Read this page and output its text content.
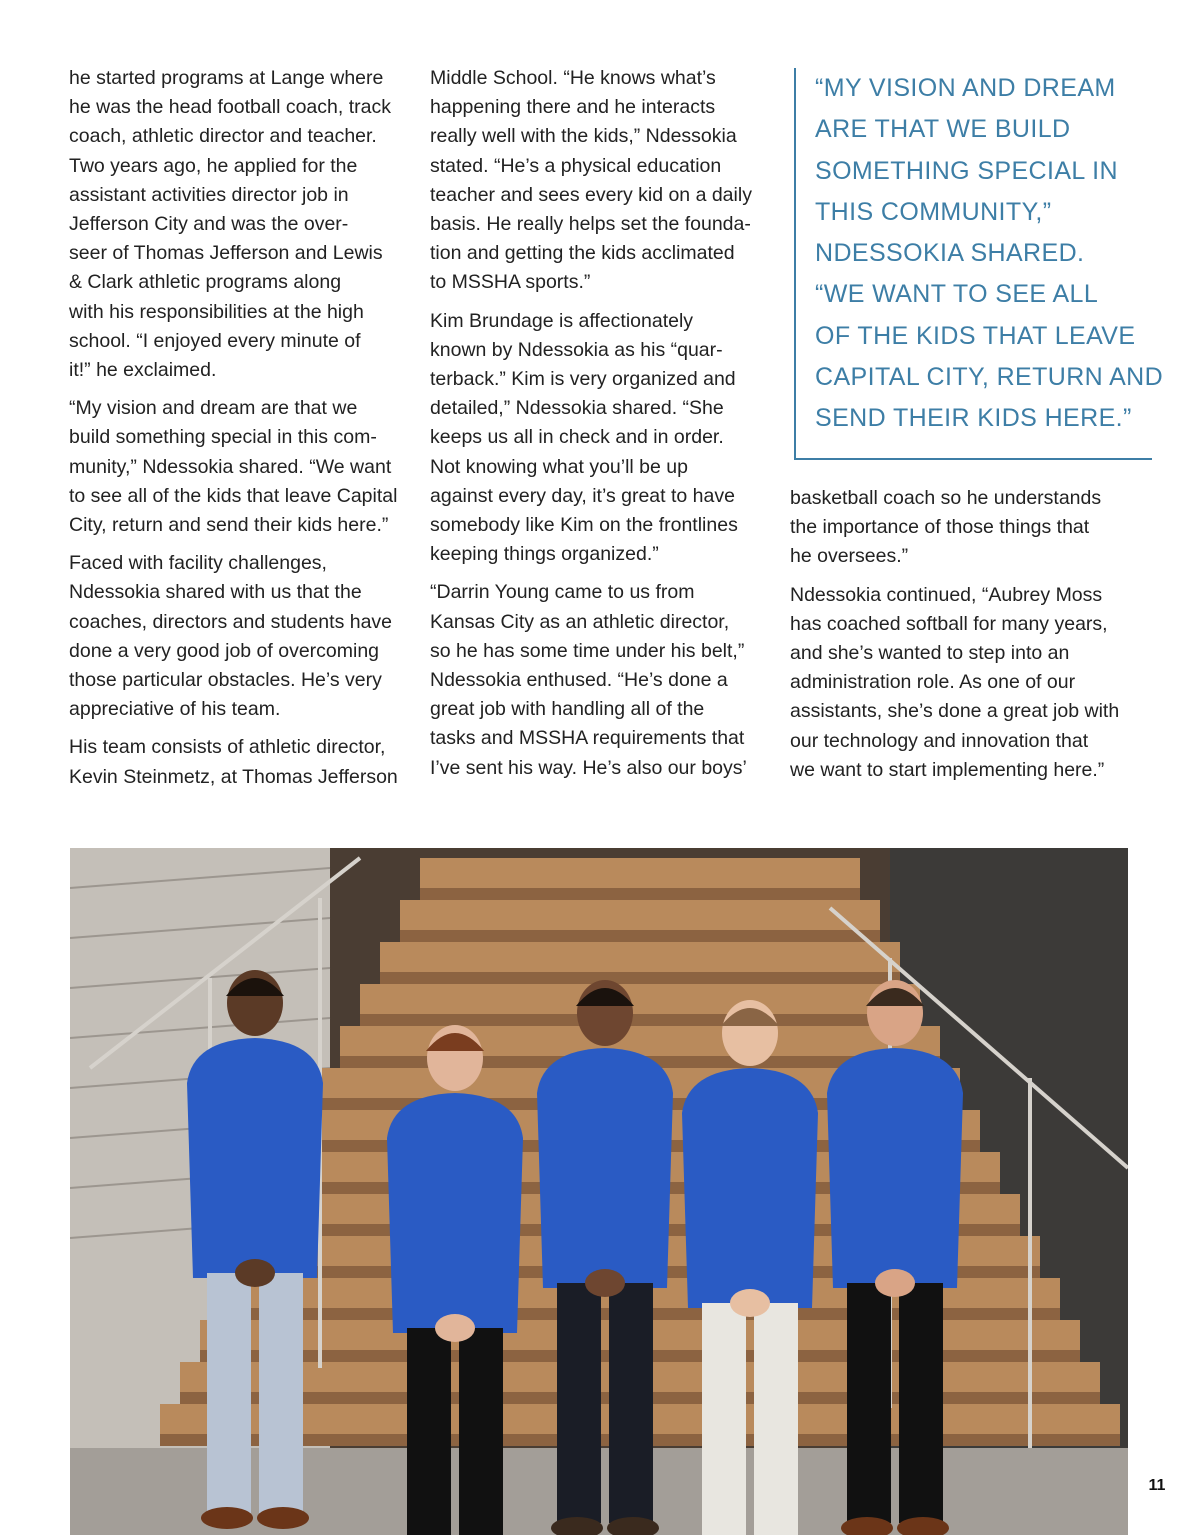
he started programs at Lange where
he was the head football coach, track
coach, athletic director and teacher.
Two years ago, he applied for the
assistant activities director job in
Jefferson City and was the over-
seer of Thomas Jefferson and Lewis
& Clark athletic programs along
with his responsibilities at the high
school. “I enjoyed every minute of
it!” he exclaimed.

“My vision and dream are that we
build something special in this com-
munity,” Ndessokia shared. “We want
to see all of the kids that leave Capital
City, return and send their kids here.”

Faced with facility challenges,
Ndessokia shared with us that the
coaches, directors and students have
done a very good job of overcoming
those particular obstacles. He’s very
appreciative of his team.

His team consists of athletic director,
Kevin Steinmetz, at Thomas Jefferson

Middle School. “He knows what’s
happening there and he interacts
really well with the kids,” Ndessokia
stated. “He’s a physical education
teacher and sees every kid on a daily
basis. He really helps set the founda-
tion and getting the kids acclimated
to MSSHA sports.”

Kim Brundage is affectionately
known by Ndessokia as his “quar-
terback.” Kim is very organized and
detailed,” Ndessokia shared. “She
keeps us all in check and in order.
Not knowing what you’ll be up
against every day, it’s great to have
somebody like Kim on the frontlines
keeping things organized.”

“Darrin Young came to us from
Kansas City as an athletic director,
so he has some time under his belt,”
Ndessokia enthused. “He’s done a
great job with handling all of the
tasks and MSSHA requirements that
I’ve sent his way. He’s also our boys’

“MY VISION AND DREAM
ARE THAT WE BUILD
SOMETHING SPECIAL IN
THIS COMMUNITY,”
NDESSOKIA SHARED.
“WE WANT TO SEE ALL
OF THE KIDS THAT LEAVE
CAPITAL CITY, RETURN AND
SEND THEIR KIDS HERE.”

basketball coach so he understands
the importance of those things that
he oversees.”

Ndessokia continued, “Aubrey Moss
has coached softball for many years,
and she’s wanted to step into an
administration role. As one of our
assistants, she’s done a great job with
our technology and innovation that
we want to start implementing here.”

11
